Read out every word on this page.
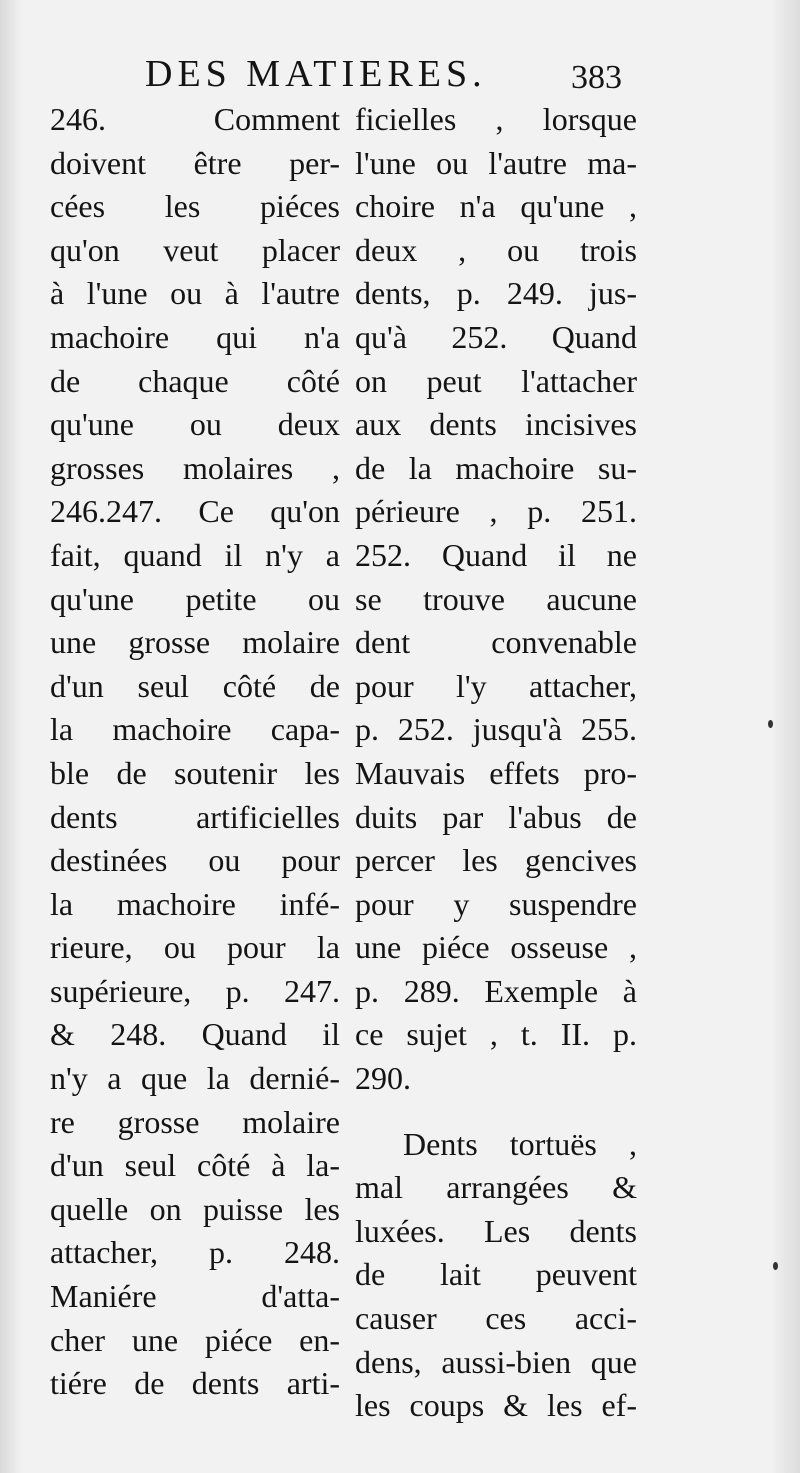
DES MATIERES. 383
246. Comment
doivent être per-
cées les piéces
qu'on veut placer
à l'une ou à l'autre
machoire qui n'a
de chaque côté
qu'une ou deux
grosses molaires ,
246.247. Ce qu'on
fait, quand il n'y a
qu'une petite ou
une grosse molaire
d'un seul côté de
la machoire capa-
ble de soutenir les
dents artificielles
destinées ou pour
la machoire infé-
rieure, ou pour la
supérieure, p. 247.
& 248. Quand il
n'y a que la dernié-
re grosse molaire
d'un seul côté à la-
quelle on puisse les
attacher, p. 248.
Maniére d'atta-
cher une piéce en-
tiére de dents arti-
ficielles , lorsque
l'une ou l'autre ma-
choire n'a qu'une ,
deux , ou trois
dents, p. 249. jus-
qu'à 252. Quand
on peut l'attacher
aux dents incisives
de la machoire su-
périeure , p. 251.
252. Quand il ne
se trouve aucune
dent convenable
pour l'y attacher,
p. 252. jusqu'à 255.
Mauvais effets pro-
duits par l'abus de
percer les gencives
pour y suspendre
une piéce osseuse ,
p. 289. Exemple à
ce sujet , t. II. p.
290.
Dents tortuës ,
mal arrangées &
luxées. Les dents
de lait peuvent
causer ces acci-
dens, aussi-bien que
les coups & les ef-
